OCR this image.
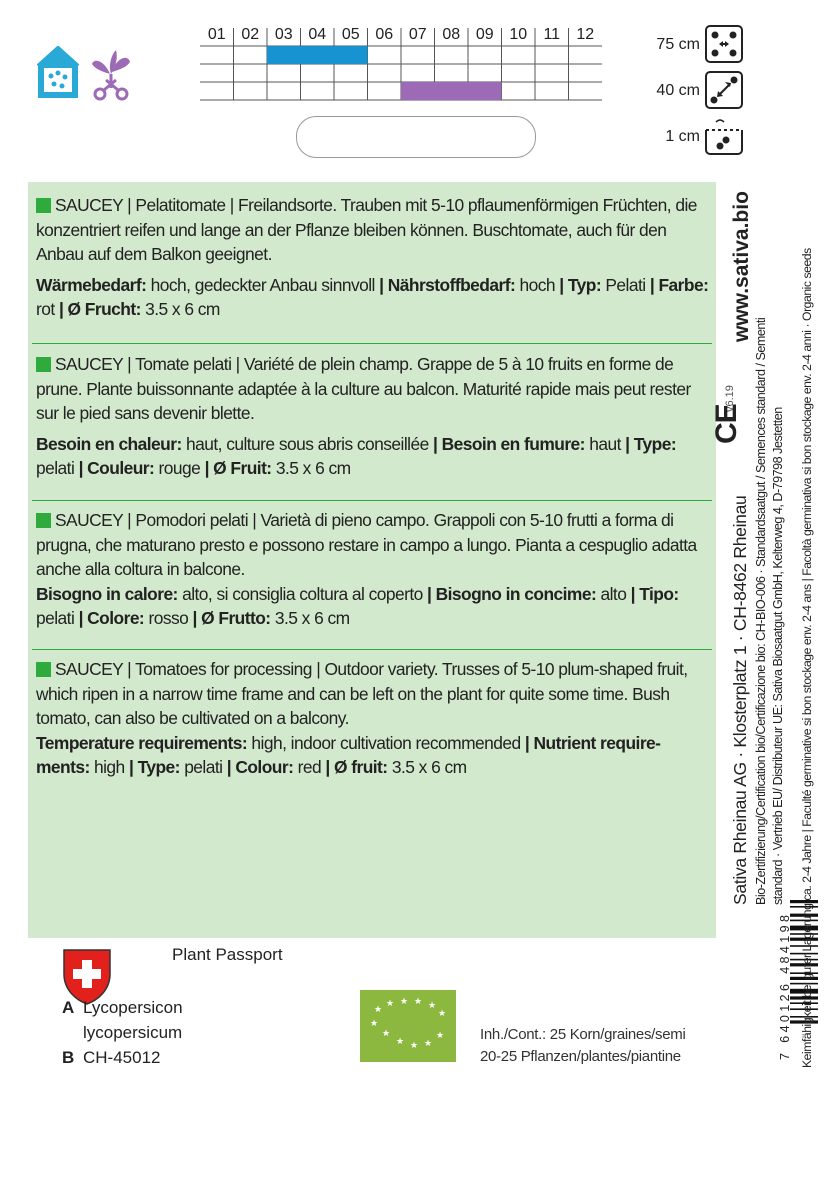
01 02 03 04 05 06 07 08 09 10	11	12
75 cm
40 cm
1 cm
SAUCEY | Pelatitomate | Freilandsorte. Trauben mit 5-10 pflaumenförmigen Früchten, die konzentriert reifen und lange an der Pflanze bleiben können. Buschtomate, auch für den Anbau auf dem Balkon geeignet.
Wärmebedarf: hoch, gedeckter Anbau sinnvoll | Nährstoffbedarf: hoch | Typ: Pelati | Farbe: rot | Ø Frucht: 3.5 x 6 cm
SAUCEY | Tomate pelati | Variété de plein champ. Grappe de 5 à 10 fruits en forme de prune. Plante buissonnante adaptée à la culture au balcon. Maturité rapide mais peut rester sur le pied sans devenir blette.
Besoin en chaleur: haut, culture sous abris conseillée | Besoin en fumure: haut | Type: pelati | Couleur: rouge | Ø Fruit: 3.5 x 6 cm
SAUCEY | Pomodori pelati | Varietà di pieno campo. Grappoli con 5-10 frutti a forma di prugna, che maturano presto e possono restare in campo a lungo. Pianta a cespuglio adatta anche alla coltura in balcone.
Bisogno in calore: alto, si consiglia coltura al coperto | Bisogno in concime: alto | Tipo: pelati | Colore: rosso | Ø Frutto: 3.5 x 6 cm
SAUCEY | Tomatoes for processing | Outdoor variety. Trusses of 5-10 plum-shaped fruit, which ripen in a narrow time frame and can be left on the plant for quite some time. Bush tomato, can also be cultivated on a balcony.
Temperature requirements: high, indoor cultivation recommended | Nutrient require-ments: high | Type: pelati | Colour: red | Ø fruit: 3.5 x 6 cm
www.sativa.bio
v6.19
CE
Sativa Rheinau AG · Klosterplatz 1 · CH-8462 Rheinau Bio-Zertifizierung/Certification bio/Certificazione bio: CH-BIO-006 · Standardsaatgut / Semences standard / Sementi standard · Vertrieb EU/ Distributeur UE: Sativa Biosaatgut GmbH, Kelterweg 4, D-79798 Jestetten
7 640126 484198 Keimfähigkeit bei guter Lagerung ca. 2-4 Jahre | Faculté germinative si bon stockage env. 2-4 ans | Facoltà germinativa si bon stockage env. 2-4 anni · Organic seeds
Plant Passport
A Lycopersicon
lycopersicum
B CH-45012
★
★ ★ ★ ★
★
★
★
★ ★ ★
★ Inh./Cont.: 25 Korn/graines/semi
20-25 Pflanzen/plantes/piantine
